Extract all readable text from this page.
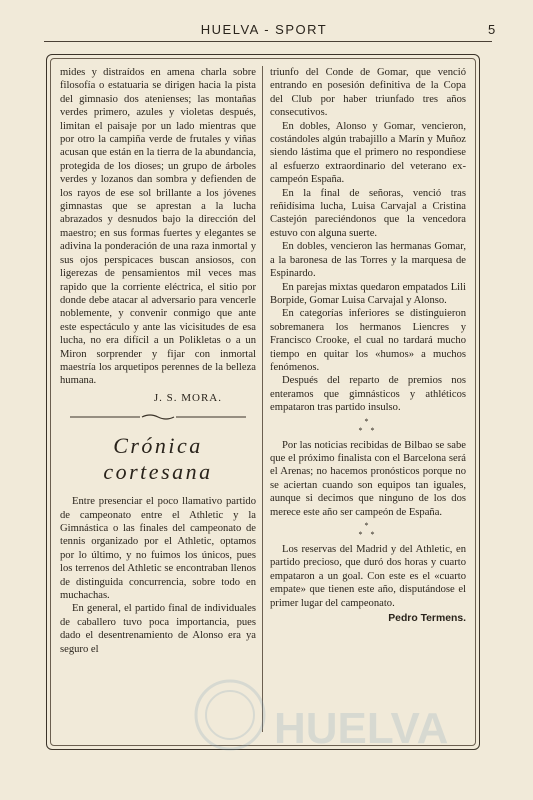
HUELVA - SPORT	5

mides y distraídos en amena charla sobre filosofía o estatuaria se dirigen hacia la pista del gimnasio dos atenienses; las montañas verdes primero, azules y violetas después, limitan el paisaje por un lado mientras que por otro la campiña verde de frutales y viñas acusan que están en la tierra de la abundancia, protegida de los dioses; un grupo de árboles verdes y lozanos dan sombra y defienden de los rayos de ese sol brillante a los jóvenes gimnastas que se aprestan a la lucha abrazados y desnudos bajo la dirección del maestro; en sus formas fuertes y elegantes se adivina la ponderación de una raza inmortal y sus ojos perspicaces buscan ansiosos, con ligerezas de pensamientos mil veces mas rapido que la corriente eléctrica, el sitio por donde debe atacar al adversario para vencerle noblemente, y convenir conmigo que ante este espectáculo y ante las vicisitudes de esa lucha, no era difícil a un Polikletas o a un Miron sorprender y fijar con inmortal maestría los arquetipos perennes de la belleza humana.

J. S. MORA.
Crónica cortesana

Entre presenciar el poco llamativo partido de campeonato entre el Athletic y la Gimnástica o las finales del campeonato de tennis organizado por el Athletic, optamos por lo último, y no fuimos los únicos, pues los terrenos del Athletic se encontraban llenos de distinguida concurrencia, sobre todo en muchachas.

En general, el partido final de individuales de caballero tuvo poca importancia, pues dado el desentrenamiento de Alonso era ya seguro el

triunfo del Conde de Gomar, que venció entrando en posesión definitiva de la Copa del Club por haber triunfado tres años consecutivos.

En dobles, Alonso y Gomar, vencieron, costándoles algún trabajillo a Marín y Muñoz siendo lástima que el primero no respondiese al esfuerzo extraordinario del veterano ex-campeón España.

En la final de señoras, venció tras reñidísima lucha, Luisa Carvajal a Cristina Castejón pareciéndonos que la vencedora estuvo con alguna suerte.

En dobles, vencieron las hermanas Gomar, a la baronesa de las Torres y la marquesa de Espinardo.

En parejas mixtas quedaron empatados Lili Borpide, Gomar Luisa Carvajal y Alonso.

En categorías inferiores se distinguieron sobremanera los hermanos Liencres y Francisco Crooke, el cual no tardará mucho tiempo en quitar los «humos» a muchos fenómenos.

Después del reparto de premios nos enteramos que gimnásticos y athléticos empataron tras partido insulso.

*
* *

Por las noticias recibidas de Bilbao se sabe que el próximo finalista con el Barcelona será el Arenas; no hacemos pronósticos porque no se aciertan cuando son equipos tan iguales, aunque si decimos que ninguno de los dos merece este año ser campeón de España.

*
* *

Los reservas del Madrid y del Athletic, en partido precioso, que duró dos horas y cuarto empataron a un goal. Con este es el «cuarto empate» que tienen este año, disputándose el primer lugar del campeonato.

Pedro Termens.
HUELVA
